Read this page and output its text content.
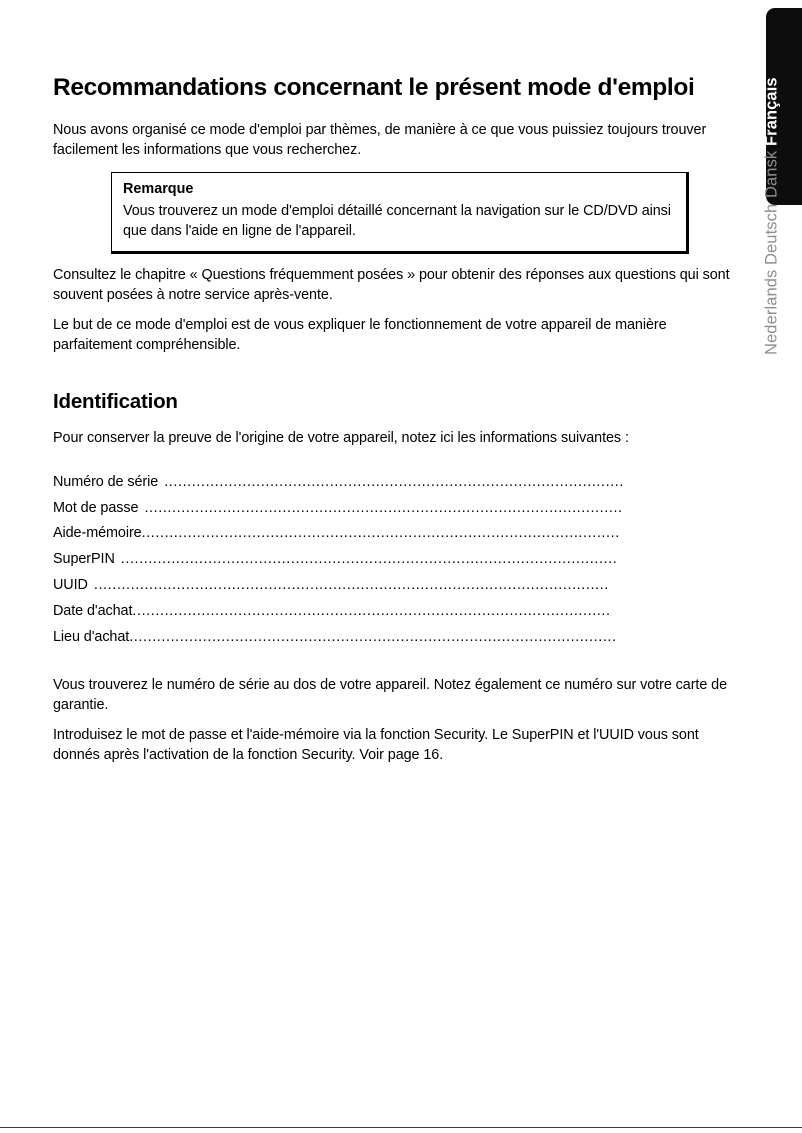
Recommandations concernant le présent mode d'emploi

Nous avons organisé ce mode d'emploi par thèmes, de manière à ce que vous puissiez toujours trouver facilement les informations que vous recherchez.

Remarque

Vous trouverez un mode d'emploi détaillé concernant la navigation sur le CD/DVD ainsi que dans l'aide en ligne de l'appareil.

Consultez le chapitre « Questions fréquemment posées » pour obtenir des réponses aux questions qui sont souvent posées à notre service après-vente.

Le but de ce mode d'emploi est de vous expliquer le fonctionnement de votre appareil de manière parfaitement compréhensible.

Identification

Pour conserver la preuve de l'origine de votre appareil, notez ici les informations suivantes :

Numéro de série ....................................................................................................
Mot de passe ........................................................................................................
Aide-mémoire ........................................................................................................
SuperPIN ............................................................................................................
UUID ................................................................................................................
Date d'achat ........................................................................................................
Lieu d'achat ..........................................................................................................

Vous trouverez le numéro de série au dos de votre appareil. Notez également ce numéro sur votre carte de garantie.

Introduisez le mot de passe et l'aide-mémoire via la fonction Security. Le SuperPIN et l'UUID vous sont donnés après l'activation de la fonction Security. Voir page 16.

Nederlands
Deutsch
Dansk
Français
